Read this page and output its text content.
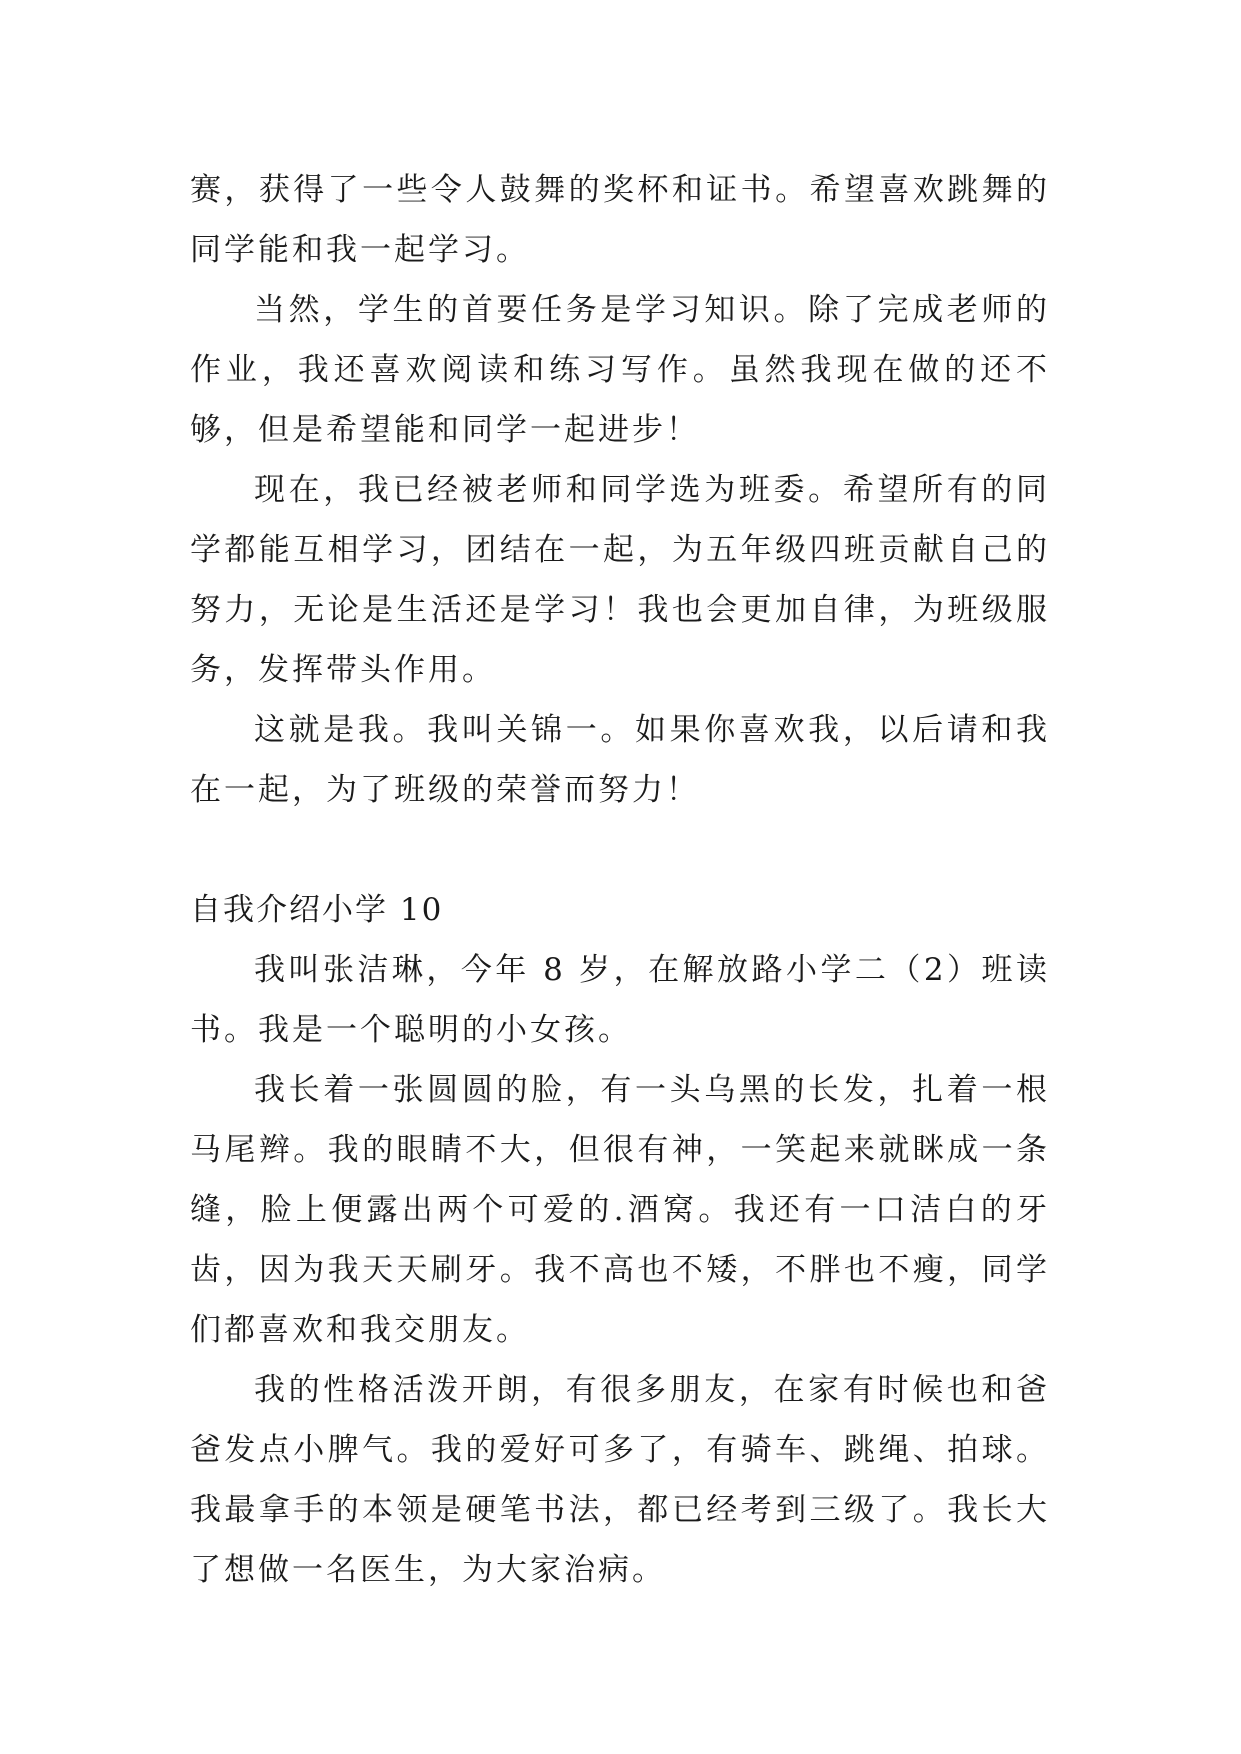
赛，获得了一些令人鼓舞的奖杯和证书。希望喜欢跳舞的同学能和我一起学习。

当然，学生的首要任务是学习知识。除了完成老师的作业，我还喜欢阅读和练习写作。虽然我现在做的还不够，但是希望能和同学一起进步！

现在，我已经被老师和同学选为班委。希望所有的同学都能互相学习，团结在一起，为五年级四班贡献自己的努力，无论是生活还是学习！我也会更加自律，为班级服务，发挥带头作用。

这就是我。我叫关锦一。如果你喜欢我，以后请和我在一起，为了班级的荣誉而努力！

自我介绍小学 10

我叫张洁琳，今年 8 岁，在解放路小学二（2）班读书。我是一个聪明的小女孩。

我长着一张圆圆的脸，有一头乌黑的长发，扎着一根马尾辫。我的眼睛不大，但很有神，一笑起来就眯成一条缝，脸上便露出两个可爱的.酒窝。我还有一口洁白的牙齿，因为我天天刷牙。我不高也不矮，不胖也不瘦，同学们都喜欢和我交朋友。

我的性格活泼开朗，有很多朋友，在家有时候也和爸爸发点小脾气。我的爱好可多了，有骑车、跳绳、拍球。我最拿手的本领是硬笔书法，都已经考到三级了。我长大了想做一名医生，为大家治病。
